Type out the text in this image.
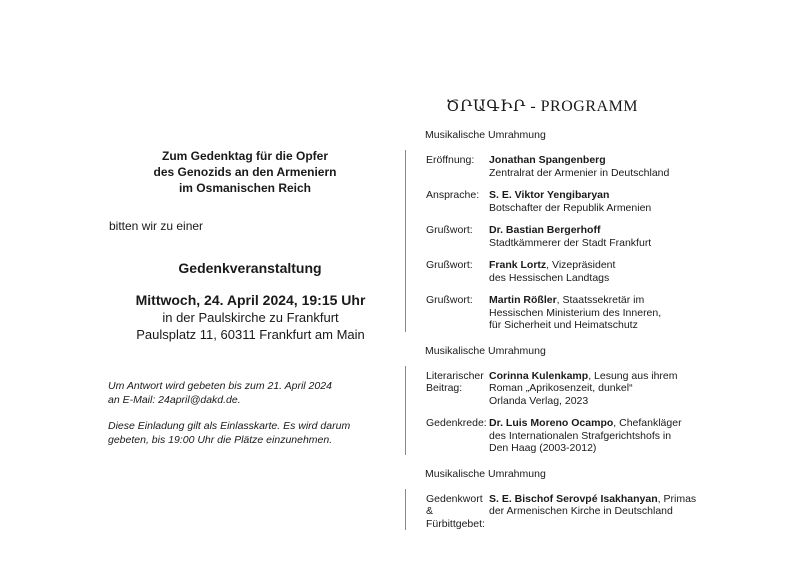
Zum Gedenktag für die Opfer
des Genozids an den Armeniern
im Osmanischen Reich
bitten wir zu einer
Gedenkveranstaltung
Mittwoch, 24. April 2024, 19:15 Uhr
in der Paulskirche zu Frankfurt
Paulsplatz 11, 60311 Frankfurt am Main

Um Antwort wird gebeten bis zum 21. April 2024
an E-Mail: 24april@dakd.de.

Diese Einladung gilt als Einlasskarte. Es wird darum
gebeten, bis 19:00 Uhr die Plätze einzunehmen.

ԾՐԱԳԻՐ - PROGRAMM
Musikalische Umrahmung
Eröffnung:	Jonathan Spangenberg
Zentralrat der Armenier in Deutschland
Ansprache: S. E. Viktor Yengibaryan
Botschafter der Republik Armenien
Grußwort:	Dr. Bastian Bergerhoff
Stadtkämmerer der Stadt Frankfurt
Grußwort:	Frank Lortz, Vizepräsident
des Hessischen Landtags
Grußwort:	Martin Rößler, Staatssekretär im
Hessischen Ministerium des Inneren,
für Sicherheit und Heimatschutz
Musikalische Umrahmung
Literarischer
Beitrag:
Corinna Kulenkamp, Lesung aus ihrem
Roman „Aprikosenzeit, dunkel“
Orlanda Verlag, 2023
Gedenkrede: Dr. Luis Moreno Ocampo, Chefankläger
des Internationalen Strafgerichtshofs in
Den Haag (2003-2012)
Musikalische Umrahmung
Gedenkwort &
Fürbittgebet:
S. E. Bischof Serovpé Isakhanyan, Primas
der Armenischen Kirche in Deutschland
